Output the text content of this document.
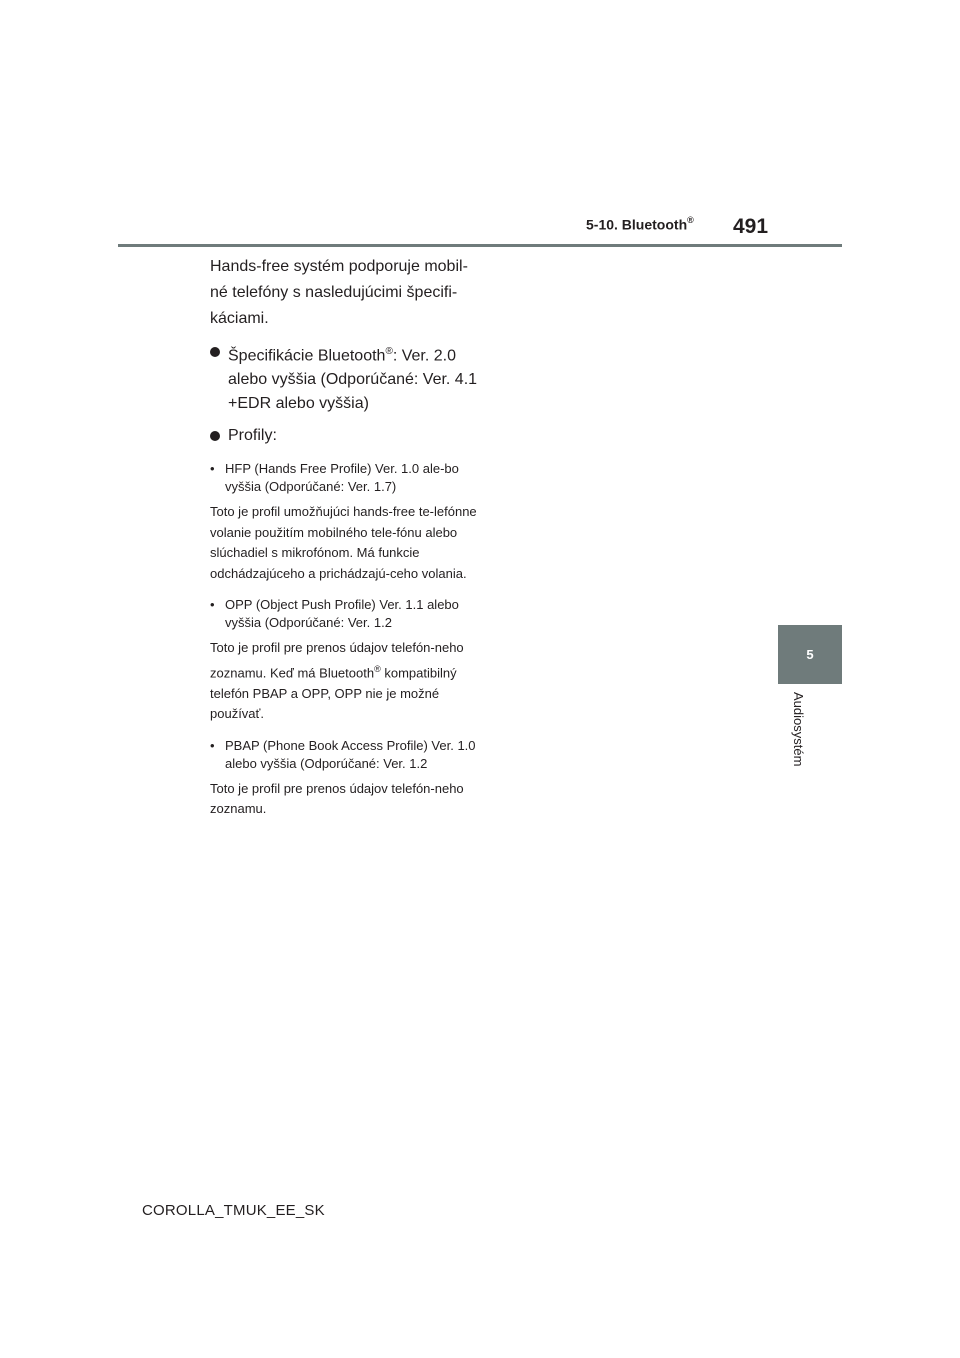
5-10. Bluetooth® 491
5
Audiosystém

Hands-free systém podporuje mobil-né telefóny s nasledujúcimi špecifi-káciami.

Špecifikácie Bluetooth®: Ver. 2.0 alebo vyššia (Odporúčané: Ver. 4.1 +EDR alebo vyššia)
Profily:
• HFP (Hands Free Profile) Ver. 1.0 ale-bo vyššia (Odporúčané: Ver. 1.7)

Toto je profil umožňujúci hands-free te-lefónne volanie použitím mobilného tele-fónu alebo slúchadiel s mikrofónom. Má funkcie odchádzajúceho a prichádzajú-ceho volania.

• OPP (Object Push Profile) Ver. 1.1 alebo vyššia (Odporúčané: Ver. 1.2

Toto je profil pre prenos údajov telefón-neho zoznamu. Keď má Bluetooth® kompatibilný telefón PBAP a OPP, OPP nie je možné používať.

• PBAP (Phone Book Access Profile) Ver. 1.0 alebo vyššia (Odporúčané: Ver. 1.2

Toto je profil pre prenos údajov telefón-neho zoznamu.

COROLLA_TMUK_EE_SK
